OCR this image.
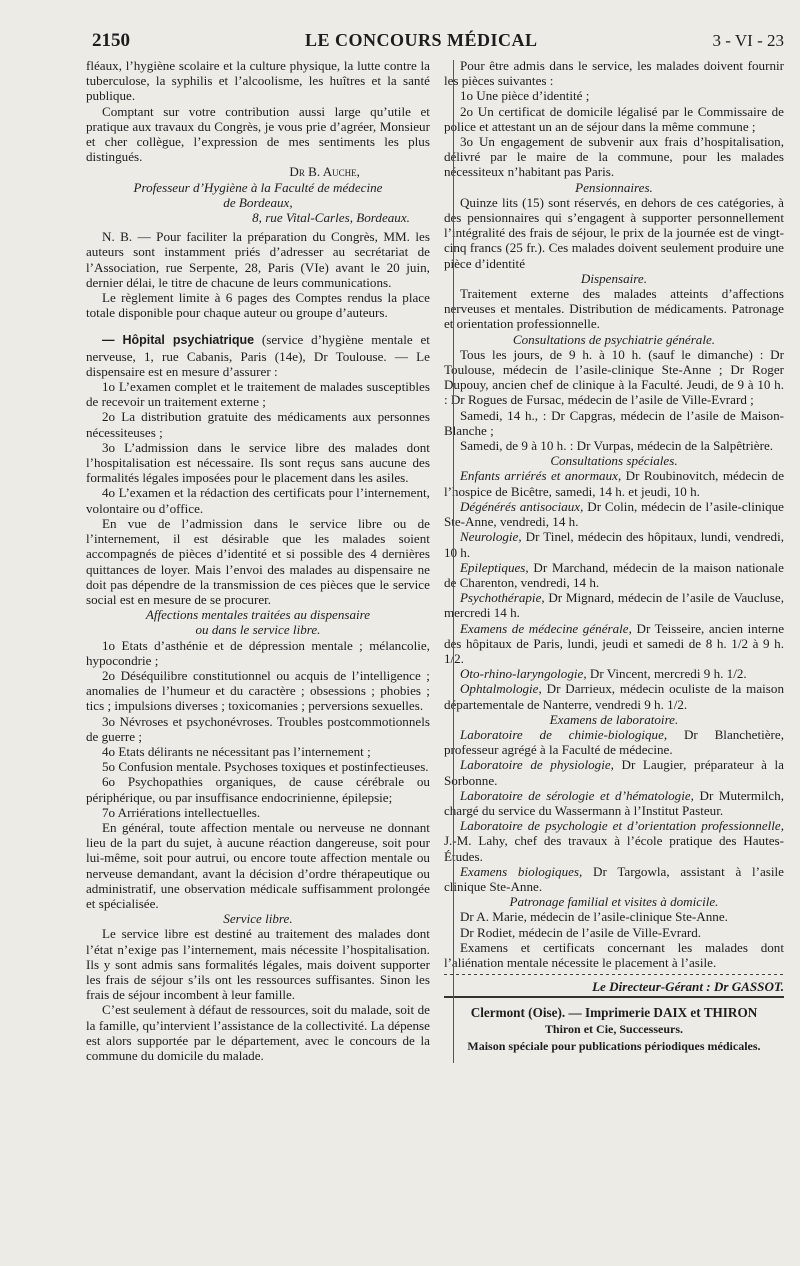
2150	LE CONCOURS MÉDICAL	3 - VI - 23

fléaux, l’hygiène scolaire et la culture physique, la lutte contre la tuberculose, la syphilis et l’alcoolisme, les huîtres et la santé publique.

Comptant sur votre contribution aussi large qu’utile et pratique aux travaux du Congrès, je vous prie d’agréer, Monsieur et cher collègue, l’expression de mes sentiments les plus distingués.

Dr B. Auche,

Professeur d’Hygiène à la Faculté de médecine

de Bordeaux,

8, rue Vital-Carles, Bordeaux.

N. B. — Pour faciliter la préparation du Congrès, MM. les auteurs sont instamment priés d’adresser au secrétariat de l’Association, rue Serpente, 28, Paris (VIe) avant le 20 juin, dernier délai, le titre de chacune de leurs communications.

Le règlement limite à 6 pages des Comptes rendus la place totale disponible pour chaque auteur ou groupe d’auteurs.

— Hôpital psychiatrique (service d’hygiène mentale et nerveuse, 1, rue Cabanis, Paris (14e), Dr Toulouse. — Le dispensaire est en mesure d’assurer :

1o L’examen complet et le traitement de malades susceptibles de recevoir un traitement externe ;

2o La distribution gratuite des médicaments aux personnes nécessiteuses ;

3o L’admission dans le service libre des malades dont l’hospitalisation est nécessaire. Ils sont reçus sans aucune des formalités légales imposées pour le placement dans les asiles.

4o L’examen et la rédaction des certificats pour l’internement, volontaire ou d’office.

En vue de l’admission dans le service libre ou de l’internement, il est désirable que les malades soient accompagnés de pièces d’identité et si possible des 4 dernières quittances de loyer. Mais l’envoi des malades au dispensaire ne doit pas dépendre de la transmission de ces pièces que le service social est en mesure de se procurer.

Affections mentales traitées au dispensaire

ou dans le service libre.

1o Etats d’asthénie et de dépression mentale ; mélancolie, hypocondrie ;

2o Déséquilibre constitutionnel ou acquis de l’intelligence ; anomalies de l’humeur et du caractère ; obsessions ; phobies ; tics ; impulsions diverses ; toxicomanies ; perversions sexuelles.

3o Névroses et psychonévroses. Troubles postcommotionnels de guerre ;

4o Etats délirants ne nécessitant pas l’internement ;

5o Confusion mentale. Psychoses toxiques et postinfectieuses.

6o Psychopathies organiques, de cause cérébrale ou périphérique, ou par insuffisance endocrinienne, épilepsie;

7o Arriérations intellectuelles.

En général, toute affection mentale ou nerveuse ne donnant lieu de la part du sujet, à aucune réaction dangereuse, soit pour lui-même, soit pour autrui, ou encore toute affection mentale ou nerveuse demandant, avant la décision d’ordre thérapeutique ou administratif, une observation médicale suffisamment prolongée et spécialisée.

Service libre.

Le service libre est destiné au traitement des malades dont l’état n’exige pas l’internement, mais nécessite l’hospitalisation. Ils y sont admis sans formalités légales, mais doivent supporter les frais de séjour s’ils ont les ressources suffisantes. Sinon les frais de séjour incombent à leur famille.

C’est seulement à défaut de ressources, soit du malade, soit de la famille, qu’intervient l’assistance de la collectivité. La dépense est alors supportée par le département, avec le concours de la commune du domicile du malade.

Pour être admis dans le service, les malades doivent fournir les pièces suivantes :

1o Une pièce d’identité ;

2o Un certificat de domicile légalisé par le Commissaire de police et attestant un an de séjour dans la même commune ;

3o Un engagement de subvenir aux frais d’hospitalisation, délivré par le maire de la commune, pour les malades nécessiteux n’habitant pas Paris.

Pensionnaires.

Quinze lits (15) sont réservés, en dehors de ces catégories, à des pensionnaires qui s’engagent à supporter personnellement l’intégralité des frais de séjour, le prix de la journée est de vingt-cinq francs (25 fr.). Ces malades doivent seulement produire une pièce d’identité

Dispensaire.

Traitement externe des malades atteints d’affections nerveuses et mentales. Distribution de médicaments. Patronage et orientation professionnelle.

Consultations de psychiatrie générale.

Tous les jours, de 9 h. à 10 h. (sauf le dimanche) : Dr Toulouse, médecin de l’asile-clinique Ste-Anne ; Dr Roger Dupouy, ancien chef de clinique à la Faculté. Jeudi, de 9 à 10 h. : Dr Rogues de Fursac, médecin de l’asile de Ville-Evrard ;

Samedi, 14 h., : Dr Capgras, médecin de l’asile de Maison-Blanche ;

Samedi, de 9 à 10 h. : Dr Vurpas, médecin de la Salpêtrière.

Consultations spéciales.

Enfants arriérés et anormaux, Dr Roubinovitch, médecin de l’hospice de Bicêtre, samedi, 14 h. et jeudi, 10 h.

Dégénérés antisociaux, Dr Colin, médecin de l’asile-clinique Ste-Anne, vendredi, 14 h.

Neurologie, Dr Tinel, médecin des hôpitaux, lundi, vendredi, 10 h.

Epileptiques, Dr Marchand, médecin de la maison nationale de Charenton, vendredi, 14 h.

Psychothérapie, Dr Mignard, médecin de l’asile de Vaucluse, mercredi 14 h.

Examens de médecine générale, Dr Teisseire, ancien interne des hôpitaux de Paris, lundi, jeudi et samedi de 8 h. 1/2 à 9 h. 1/2.

Oto-rhino-laryngologie, Dr Vincent, mercredi 9 h. 1/2.

Ophtalmologie, Dr Darrieux, médecin oculiste de la maison départementale de Nanterre, vendredi 9 h. 1/2.

Examens de laboratoire.

Laboratoire de chimie-biologique, Dr Blanchetière, professeur agrégé à la Faculté de médecine.

Laboratoire de physiologie, Dr Laugier, préparateur à la Sorbonne.

Laboratoire de sérologie et d’hématologie, Dr Mutermilch, chargé du service du Wassermann à l’Institut Pasteur.

Laboratoire de psychologie et d’orientation professionnelle, J.-M. Lahy, chef des travaux à l’école pratique des Hautes-Études.

Examens biologiques, Dr Targowla, assistant à l’asile clinique Ste-Anne.

Patronage familial et visites à domicile.

Dr A. Marie, médecin de l’asile-clinique Ste-Anne.

Dr Rodiet, médecin de l’asile de Ville-Evrard.

Examens et certificats concernant les malades dont l’aliénation mentale nécessite le placement à l’asile.

Le Directeur-Gérant : Dr GASSOT.

Clermont (Oise). — Imprimerie DAIX et THIRON

Thiron et Cie, Successeurs.

Maison spéciale pour publications périodiques médicales.
